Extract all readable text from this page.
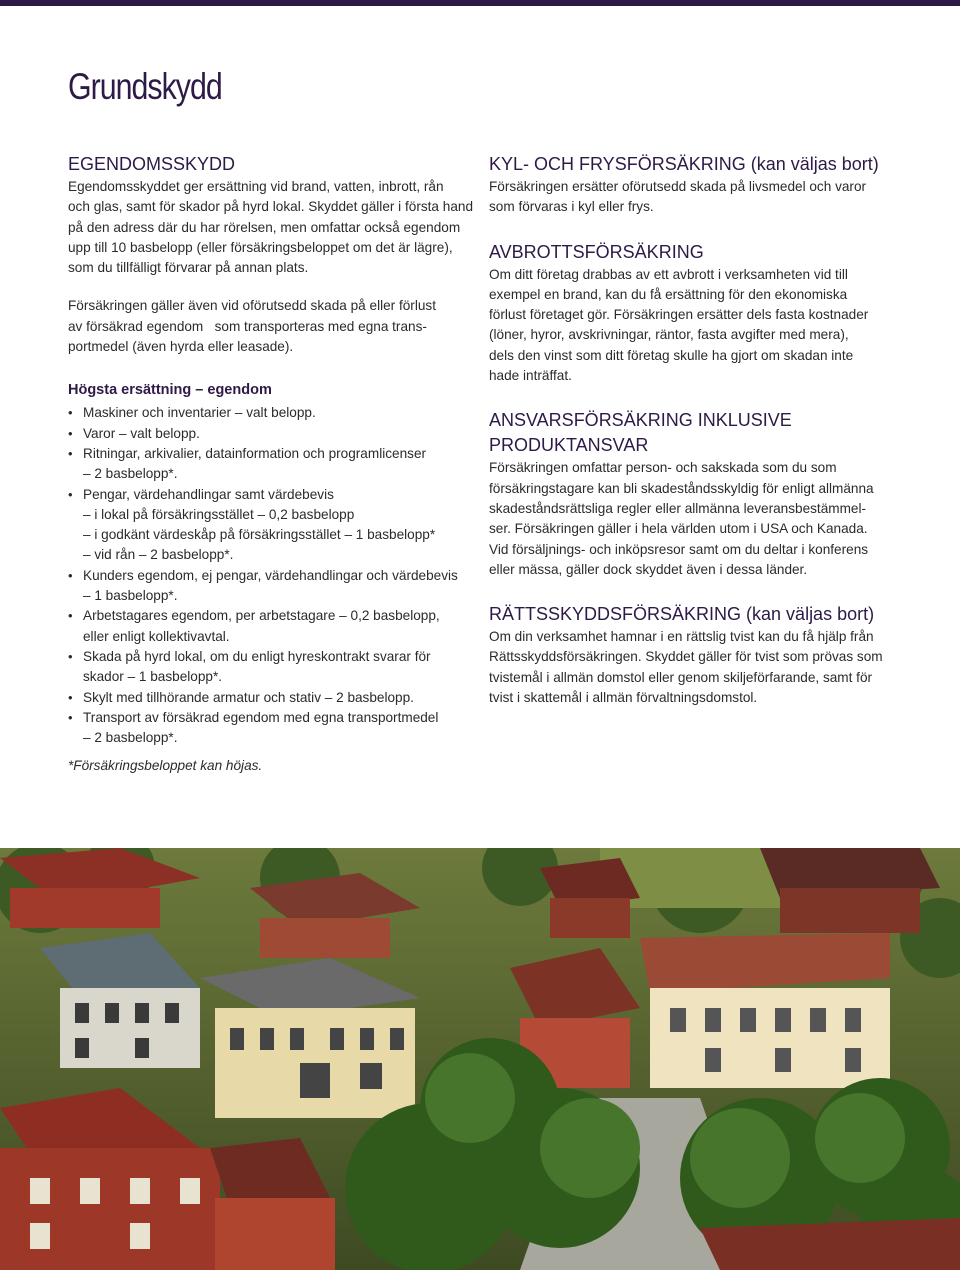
Grundskydd
EGENDOMSSKYDD

Egendomsskyddet ger ersättning vid brand, vatten, inbrott, rån
och glas, samt för skador på hyrd lokal. Skyddet gäller i första hand
på den adress där du har rörelsen, men omfattar också egendom
upp till 10 basbelopp (eller försäkringsbeloppet om det är lägre),
som du tillfälligt förvarar på annan plats.

Försäkringen gäller även vid oförutsedd skada på eller förlust
av försäkrad egendom   som transporteras med egna trans-
portmedel (även hyrda eller leasade).

Högsta ersättning – egendom
• Maskiner och inventarier – valt belopp.
• Varor – valt belopp.
• Ritningar, arkivalier, datainformation och programlicenser
– 2 basbelopp*.
• Pengar, värdehandlingar samt värdebevis
– i lokal på försäkringsstället – 0,2 basbelopp
– i godkänt värdeskåp på försäkringsstället – 1 basbelopp*
– vid rån – 2 basbelopp*.
• Kunders egendom, ej pengar, värdehandlingar och värdebevis
– 1 basbelopp*.
• Arbetstagares egendom, per arbetstagare – 0,2 basbelopp,
eller enligt kollektivavtal.
• Skada på hyrd lokal, om du enligt hyreskontrakt svarar för
skador – 1 basbelopp*.
• Skylt med tillhörande armatur och stativ – 2 basbelopp.
• Transport av försäkrad egendom med egna transportmedel
– 2 basbelopp*.

*Försäkringsbeloppet kan höjas.

KYL- OCH FRYSFÖRSÄKRING (kan väljas bort)

Försäkringen ersätter oförutsedd skada på livsmedel och varor
som förvaras i kyl eller frys.

AVBROTTSFÖRSÄKRING

Om ditt företag drabbas av ett avbrott i verksamheten vid till
exempel en brand, kan du få ersättning för den ekonomiska
förlust företaget gör. Försäkringen ersätter dels fasta kostnader
(löner, hyror, avskrivningar, räntor, fasta avgifter med mera),
dels den vinst som ditt företag skulle ha gjort om skadan inte
hade inträffat.

ANSVARSFÖRSÄKRING INKLUSIVE
PRODUKTANSVAR

Försäkringen omfattar person- och sakskada som du som
försäkringstagare kan bli skadeståndsskyldig för enligt allmänna
skadeståndsrättsliga regler eller allmänna leveransbestämmel-
ser. Försäkringen gäller i hela världen utom i USA och Kanada.
Vid försäljnings- och inköpsresor samt om du deltar i konferens
eller mässa, gäller dock skyddet även i dessa länder.

RÄTTSSKYDDSFÖRSÄKRING (kan väljas bort)

Om din verksamhet hamnar i en rättslig tvist kan du få hjälp från
Rättsskyddsförsäkringen. Skyddet gäller för tvist som prövas som
tvistemål i allmän domstol eller genom skiljeförfarande, samt för
tvist i skattemål i allmän förvaltningsdomstol.
